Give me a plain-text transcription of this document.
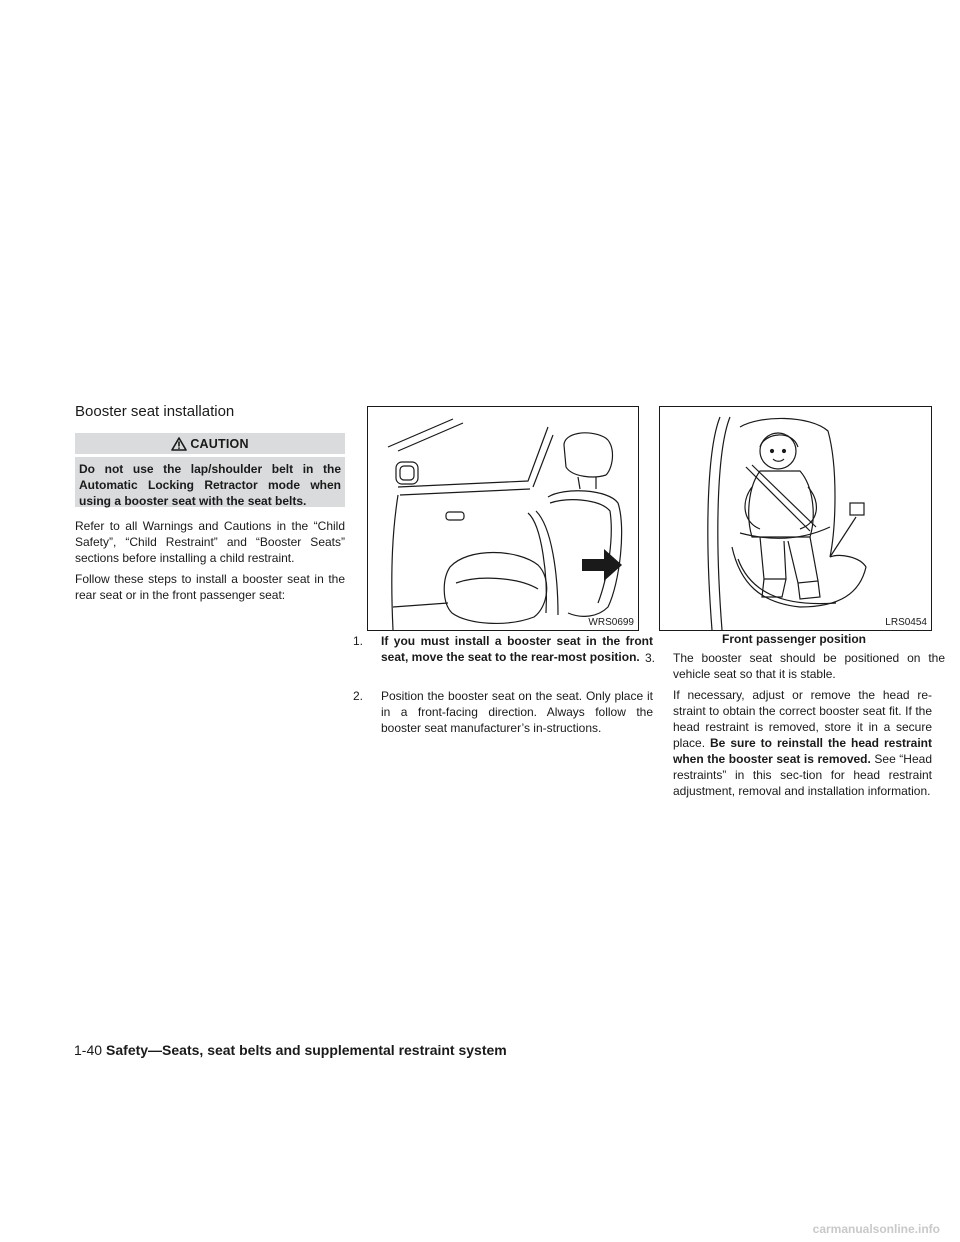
Booster seat installation
CAUTION
Do not use the lap/shoulder belt in the Automatic Locking Retractor mode when using a booster seat with the seat belts.
Refer to all Warnings and Cautions in the “Child Safety”, “Child Restraint” and “Booster Seats” sections before installing a child restraint.
Follow these steps to install a booster seat in the rear seat or in the front passenger seat:
WRS0699	LRS0454
1. If you must install a booster seat in the front seat, move the seat to the rear-most position.
2. Position the booster seat on the seat. Only place it in a front-facing direction. Always follow the booster seat manufacturer’s in-structions.
Front passenger position
3. The booster seat should be positioned on the vehicle seat so that it is stable.
If necessary, adjust or remove the head re-straint to obtain the correct booster seat fit. If the head restraint is removed, store it in a secure place. Be sure to reinstall the head restraint when the booster seat is removed. See “Head restraints” in this sec-tion for head restraint adjustment, removal and installation information.
1-40 Safety—Seats, seat belts and supplemental restraint system
carmanualsonline.info
